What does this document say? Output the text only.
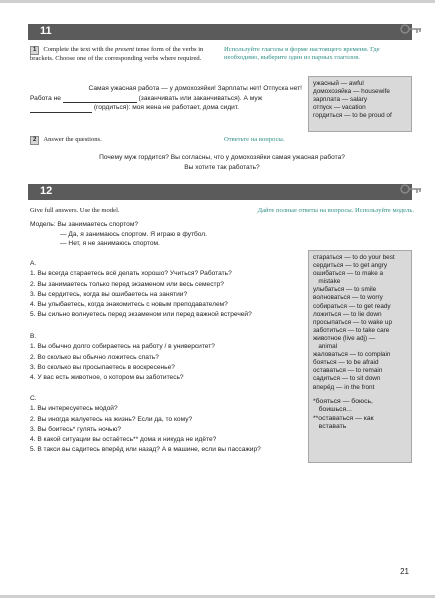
11
1 Complete the text with the present tense form of the verbs in brackets. Choose one of the corresponding verbs where required.
Используйте глаголы в форме настоящего времени. Где необходимо, выберите один из парных глаголов.
Самая ужасная работа — у домохозяйки! Зарплаты нет! Отпуска нет!
Работа не	(заканчивать или заканчиваться). А муж
(гордиться): моя жена не работает, дома сидит.
ужасный — awful
домохозяйка — housewife
зарплата — salary
отпуск — vacation
гордиться — to be proud of
2 Answer the questions.	Ответьте на вопросы.
Почему муж гордится? Вы согласны, что у домохозяйки самая ужасная работа?
Вы хотите так работать?
12
Give full answers. Use the model.	Дайте полные ответы на вопросы. Используйте модель.
Модель: Вы занимаетесь спортом?
— Да, я занимаюсь спортом. Я играю в футбол.
— Нет, я не занимаюсь спортом.
А.
1. Вы всегда стараетесь всё делать хорошо? Учиться? Работать?
2. Вы занимаетесь только перед экзаменом или весь семестр?
3. Вы сердитесь, когда вы ошибаетесь на занятии?
4. Вы улыбаетесь, когда знакомитесь с новым преподавателем?
5. Вы сильно волнуетесь перед экзаменом или перед важной встречей?
B.
1. Вы обычно долго собираетесь на работу / в университет?
2. Во сколько вы обычно ложитесь спать?
3. Во сколько вы просыпаетесь в воскресенье?
4. У вас есть животное, о котором вы заботитесь?
C.
1. Вы интересуетесь модой?
2. Вы иногда жалуетесь на жизнь? Если да, то кому?
3. Вы боитесь* гулять ночью?
4. В какой ситуации вы остаётесь** дома и никуда не идёте?
5. В такси вы садитесь вперёд или назад? А в машине, если вы пассажир?
стараться — to do your best
сердиться — to get angry
ошибаться — to make a
mistake
улыбаться — to smile
волноваться — to worry
собираться — to get ready
ложиться — to lie down
просыпаться — to wake up
заботиться — to take care
животное (live adj) —
animal
жаловаться — to complain
бояться — to be afraid
оставаться — to remain
садиться — to sit down
вперёд — in the front
*бояться — боюсь,
боишься...
**оставаться — как
вставать
21
